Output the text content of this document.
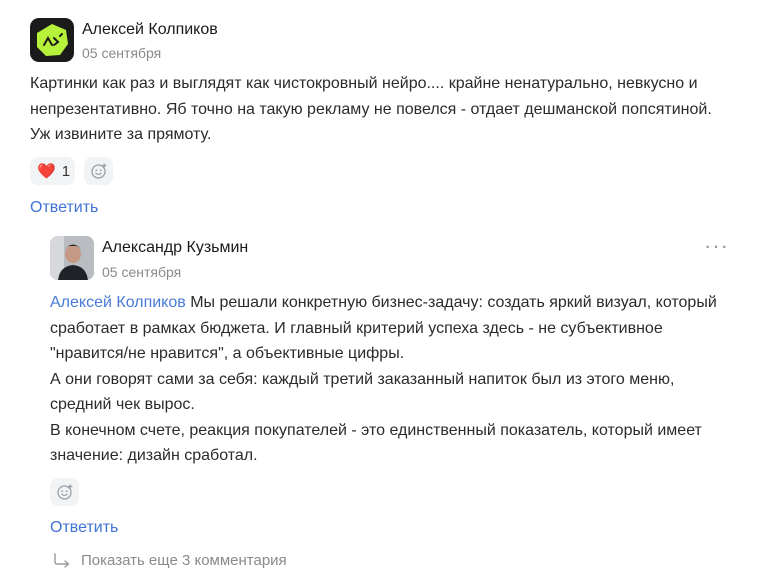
Алексей Колпиков
05 сентября

Картинки как раз и выглядят как чистокровный нейро.... крайне ненатурально, невкусно и

непрезентативно. Яб точно на такую рекламу не повелся - отдает дешманской попсятиной.

Уж извините за прямоту.

❤️ 1
Ответить
Александр Кузьмин
05 сентября
···

Алексей Колпиков Мы решали конкретную бизнес-задачу: создать яркий визуал, который

сработает в рамках бюджета. И главный критерий успеха здесь - не субъективное

"нравится/не нравится", а объективные цифры.

А они говорят сами за себя: каждый третий заказанный напиток был из этого меню,

средний чек вырос.

В конечном счете, реакция покупателей - это единственный показатель, который имеет

значение: дизайн сработал.

Ответить
Показать еще 3 комментария
